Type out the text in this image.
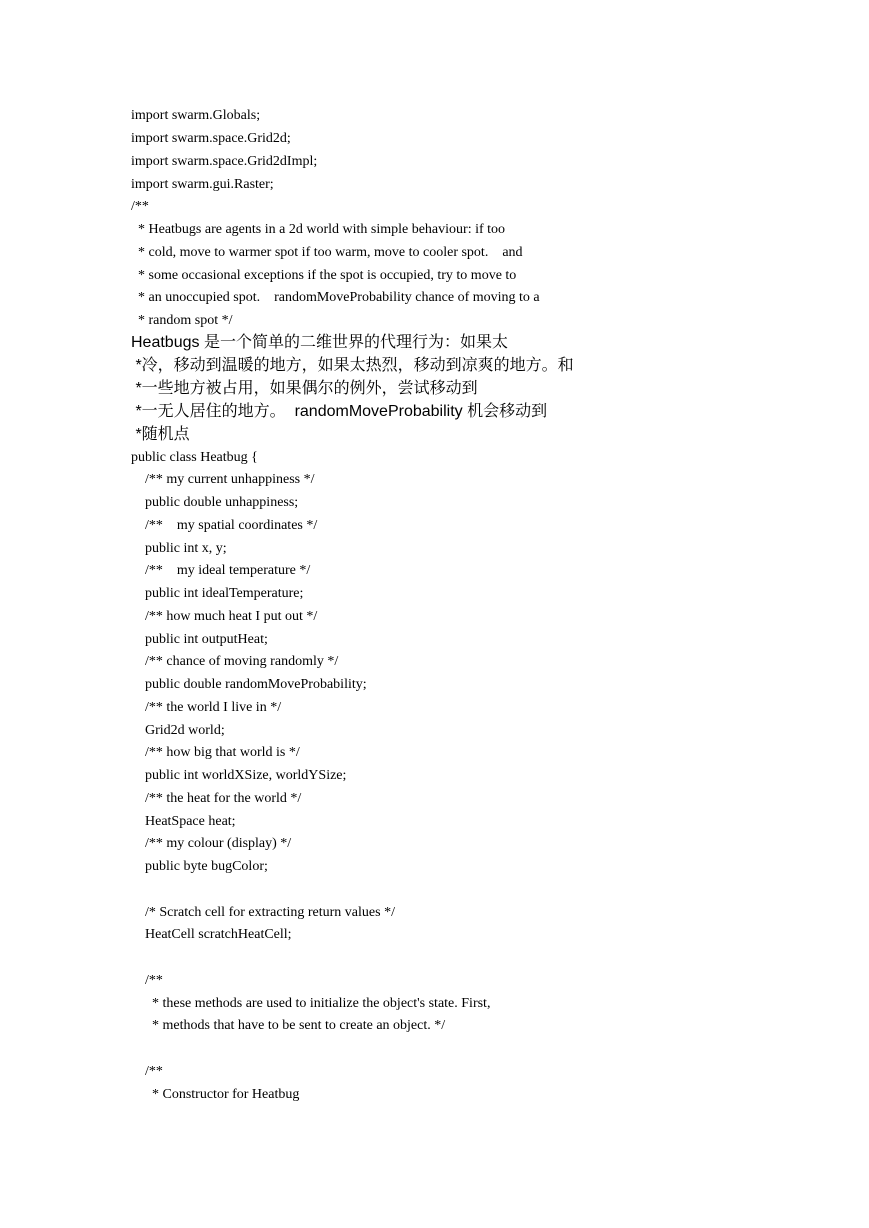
import swarm.Globals;
import swarm.space.Grid2d;
import swarm.space.Grid2dImpl;
import swarm.gui.Raster;
/**
* Heatbugs are agents in a 2d world with simple behaviour: if too
* cold, move to warmer spot if too warm, move to cooler spot.    and
* some occasional exceptions if the spot is occupied, try to move to
* an unoccupied spot.    randomMoveProbability chance of moving to a
* random spot */
Heatbugs 是一个简单的二维世界的代理行为：如果太
*冷，移动到温暖的地方，如果太热烈，移动到凉爽的地方。和
*一些地方被占用，如果偶尔的例外，尝试移动到
*一无人居住的地方。  randomMoveProbability 机会移动到
*随机点
public class Heatbug {
/** my current unhappiness */
public double unhappiness;
/**    my spatial coordinates */
public int x, y;
/**    my ideal temperature */
public int idealTemperature;
/** how much heat I put out */
public int outputHeat;
/** chance of moving randomly */
public double randomMoveProbability;
/** the world I live in */
Grid2d world;
/** how big that world is */
public int worldXSize, worldYSize;
/** the heat for the world */
HeatSpace heat;
/** my colour (display) */
public byte bugColor;
/* Scratch cell for extracting return values */
HeatCell scratchHeatCell;
/**
* these methods are used to initialize the object's state. First,
* methods that have to be sent to create an object. */
/**
* Constructor for Heatbug
